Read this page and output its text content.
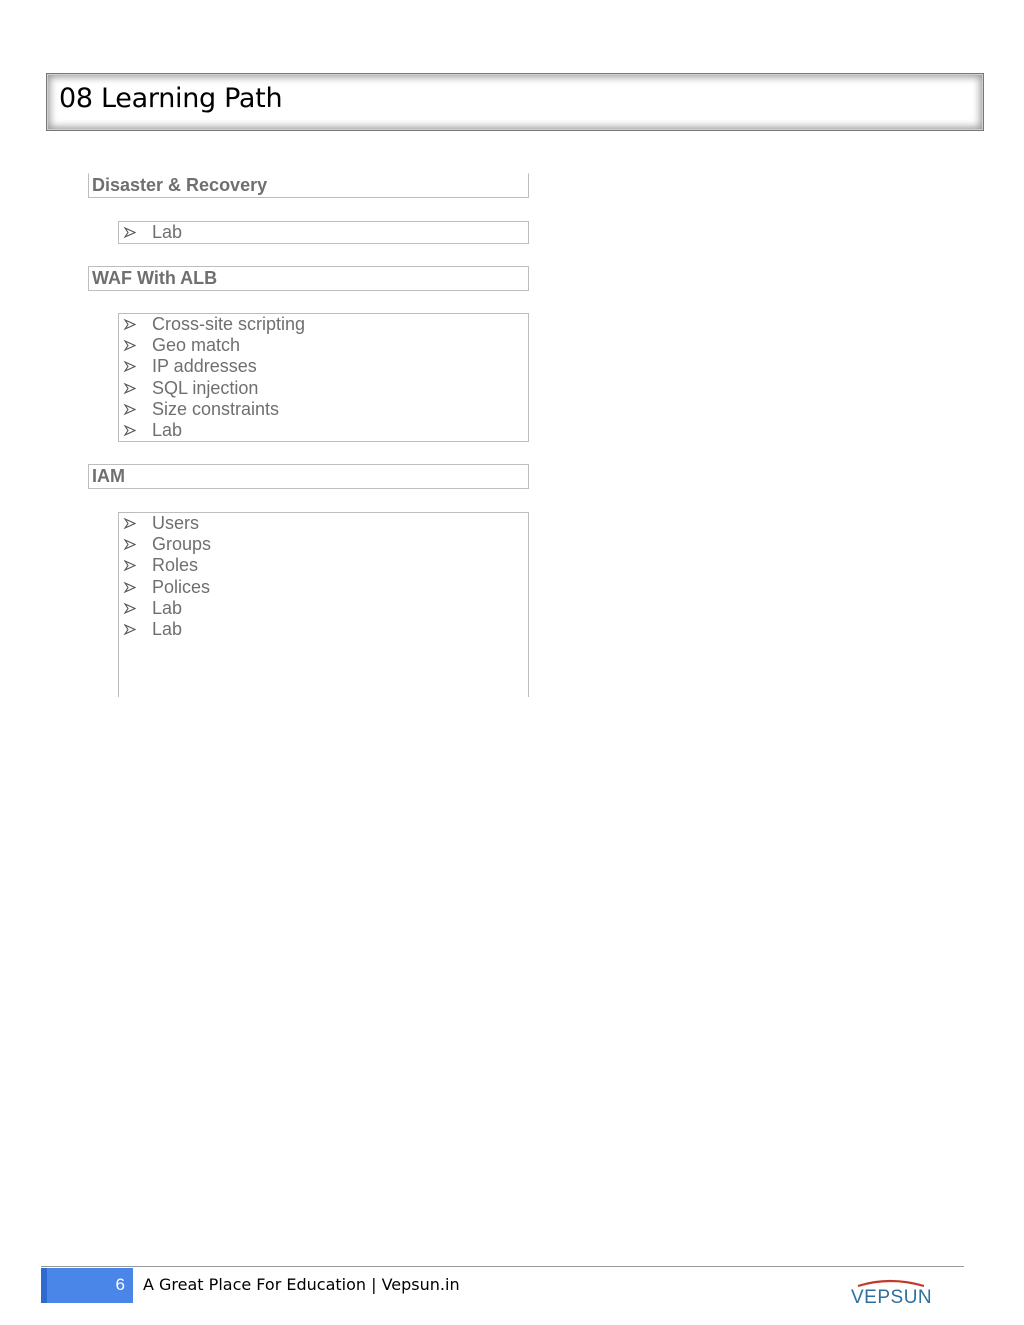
08 Learning Path
Disaster & Recovery
Lab
WAF With ALB
Cross-site scripting
Geo match
IP addresses
SQL injection
Size constraints
Lab
IAM
Users
Groups
Roles
Polices
Lab
Lab
6 A Great Place For Education | Vepsun.in
VEPSUN
